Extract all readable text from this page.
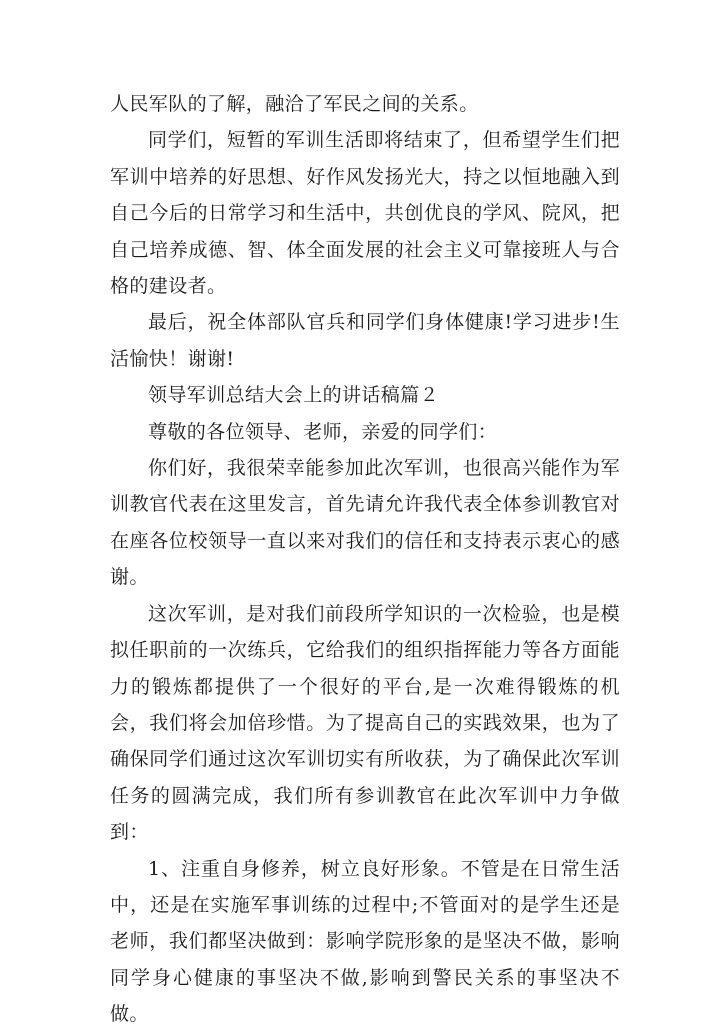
人民军队的了解，融洽了军民之间的关系。

同学们，短暂的军训生活即将结束了，但希望学生们把军训中培养的好思想、好作风发扬光大，持之以恒地融入到自己今后的日常学习和生活中，共创优良的学风、院风，把自己培养成德、智、体全面发展的社会主义可靠接班人与合格的建设者。

最后，祝全体部队官兵和同学们身体健康!学习进步!生活愉快！谢谢!

领导军训总结大会上的讲话稿篇２

尊敬的各位领导、老师，亲爱的同学们：

你们好，我很荣幸能参加此次军训，也很高兴能作为军训教官代表在这里发言，首先请允许我代表全体参训教官对在座各位校领导一直以来对我们的信任和支持表示衷心的感谢。

这次军训，是对我们前段所学知识的一次检验，也是模拟任职前的一次练兵，它给我们的组织指挥能力等各方面能力的锻炼都提供了一个很好的平台,是一次难得锻炼的机会，我们将会加倍珍惜。为了提高自己的实践效果，也为了确保同学们通过这次军训切实有所收获，为了确保此次军训任务的圆满完成，我们所有参训教官在此次军训中力争做到：

1、注重自身修养，树立良好形象。不管是在日常生活中，还是在实施军事训练的过程中;不管面对的是学生还是老师，我们都坚决做到：影响学院形象的是坚决不做，影响同学身心健康的事坚决不做,影响到警民关系的事坚决不做。
